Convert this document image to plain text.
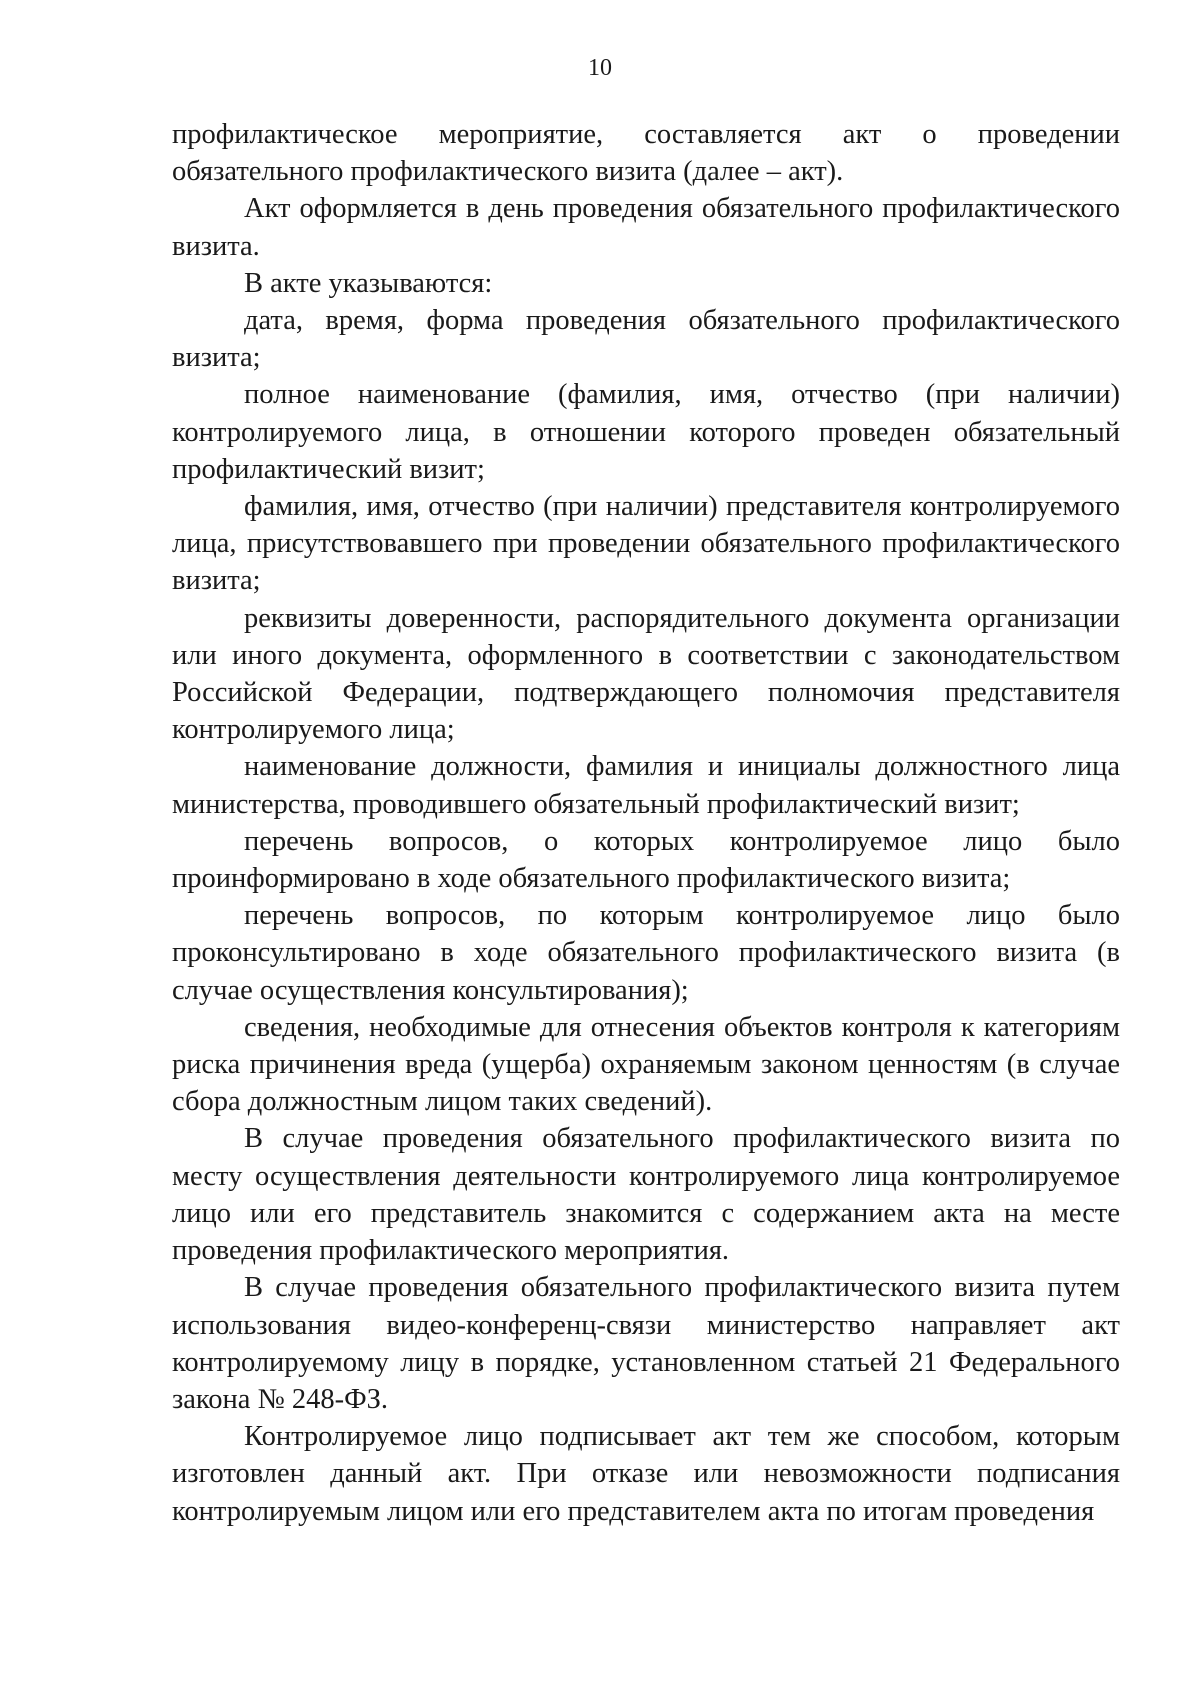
10

профилактическое мероприятие, составляется акт о проведении обязательного профилактического визита (далее – акт).

Акт оформляется в день проведения обязательного профилактического визита.

В акте указываются:

дата, время, форма проведения обязательного профилактического визита;

полное наименование (фамилия, имя, отчество (при наличии) контролируемого лица, в отношении которого проведен обязательный профилактический визит;

фамилия, имя, отчество (при наличии) представителя контролируемого лица, присутствовавшего при проведении обязательного профилактического визита;

реквизиты доверенности, распорядительного документа организации или иного документа, оформленного в соответствии с законодательством Российской Федерации, подтверждающего полномочия представителя контролируемого лица;

наименование должности, фамилия и инициалы должностного лица министерства, проводившего обязательный профилактический визит;

перечень вопросов, о которых контролируемое лицо было проинформировано в ходе обязательного профилактического визита;

перечень вопросов, по которым контролируемое лицо было проконсультировано в ходе обязательного профилактического визита (в случае осуществления консультирования);

сведения, необходимые для отнесения объектов контроля к категориям риска причинения вреда (ущерба) охраняемым законом ценностям (в случае сбора должностным лицом таких сведений).

В случае проведения обязательного профилактического визита по месту осуществления деятельности контролируемого лица контролируемое лицо или его представитель знакомится с содержанием акта на месте проведения профилактического мероприятия.

В случае проведения обязательного профилактического визита путем использования видео-конференц-связи министерство направляет акт контролируемому лицу в порядке, установленном статьей 21 Федерального закона № 248-ФЗ.

Контролируемое лицо подписывает акт тем же способом, которым изготовлен данный акт. При отказе или невозможности подписания контролируемым лицом или его представителем акта по итогам проведения
